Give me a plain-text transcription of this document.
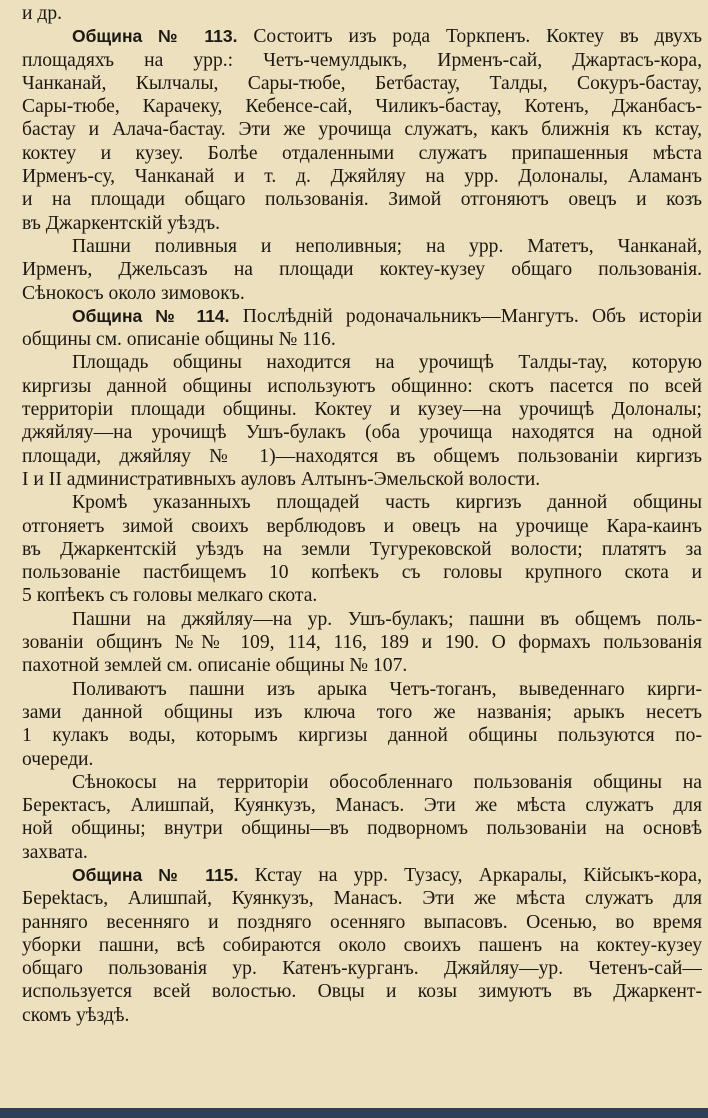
и др.
Община № 113. Состоитъ изъ рода Торкпенъ. Коктеу въ двухъ
площадяхъ на урр.: Четъ-чемулдыкъ, Ирменъ-сай, Джартасъ-кора,
Чанканай, Кылчалы, Сары-тюбе, Бетбастау, Талды, Сокуръ-бастау,
Сары-тюбе, Карачеку, Кебенсе-сай, Чиликъ-бастау, Котенъ, Джанбасъ-
бастау и Алача-бастау. Эти же урочища служатъ, какъ ближнія къ кстау,
коктеу и кузеу. Болѣе отдаленными служатъ припашенныя мѣста
Ирменъ-су, Чанканай и т. д. Джяйляу на урр. Долоналы, Аламанъ
и на площади общаго пользованія. Зимой отгоняютъ овецъ и козъ
въ Джаркентскій уѣздъ.
Пашни поливныя и неполивныя; на урр. Матетъ, Чанканай,
Ирменъ, Джельсазъ на площади коктеу-кузеу общаго пользованія.
Сѣнокосъ около зимовокъ.
Община № 114. Послѣдній родоначальникъ—Мангутъ. Объ исторіи
общины см. описаніе общины № 116.
Площадь общины находится на урочищѣ Талды-тау, которую
киргизы данной общины используютъ общинно: скотъ пасется по всей
территоріи площади общины. Коктеу и кузеу—на урочищѣ Долоналы;
джяйляу—на урочищѣ Ушъ-булакъ (оба урочища находятся на одной
площади, джяйляу № 1)—находятся въ общемъ пользованіи киргизъ
I и II административныхъ ауловъ Алтынъ-Эмельской волости.
Кромѣ указанныхъ площадей часть киргизъ данной общины
отгоняетъ зимой своихъ верблюдовъ и овецъ на урочище Кара-каинъ
въ Джаркентскій уѣздъ на земли Тугурековской волости; платятъ за
пользованіе пастбищемъ 10 копѣекъ съ головы крупного скота и
5 копѣекъ съ головы мелкаго скота.
Пашни на джяйляу—на ур. Ушъ-булакъ; пашни въ общемъ поль-
зованіи общинъ №№ 109, 114, 116, 189 и 190. О формахъ пользованія
пахотной землей см. описаніе общины № 107.
Поливаютъ пашни изъ арыка Четъ-тоганъ, выведеннаго кирги-
зами данной общины изъ ключа того же названія; арыкъ несетъ
1 кулакъ воды, которымъ киргизы данной общины пользуются по-
очереди.
Сѣнокосы на территоріи обособленнаго пользованія общины на
Беректасъ, Алишпай, Куянкузъ, Манасъ. Эти же мѣста служатъ для
ной общины; внутри общины—въ подворномъ пользованіи на основѣ
захвата.
Община № 115. Кстау на урр. Тузасу, Аркаралы, Кійсыкъ-кора,
Берektасъ, Алишпай, Куянкузъ, Манасъ. Эти же мѣста служатъ для
ранняго весенняго и поздняго осенняго выпасовъ. Осенью, во время
уборки пашни, всѣ собираются около своихъ пашенъ на коктеу-кузеу
общаго пользованія ур. Катенъ-курганъ. Джяйляу—ур. Четенъ-сай—
используется всей волостью. Овцы и козы зимуютъ въ Джаркент-
скомъ уѣздѣ.
